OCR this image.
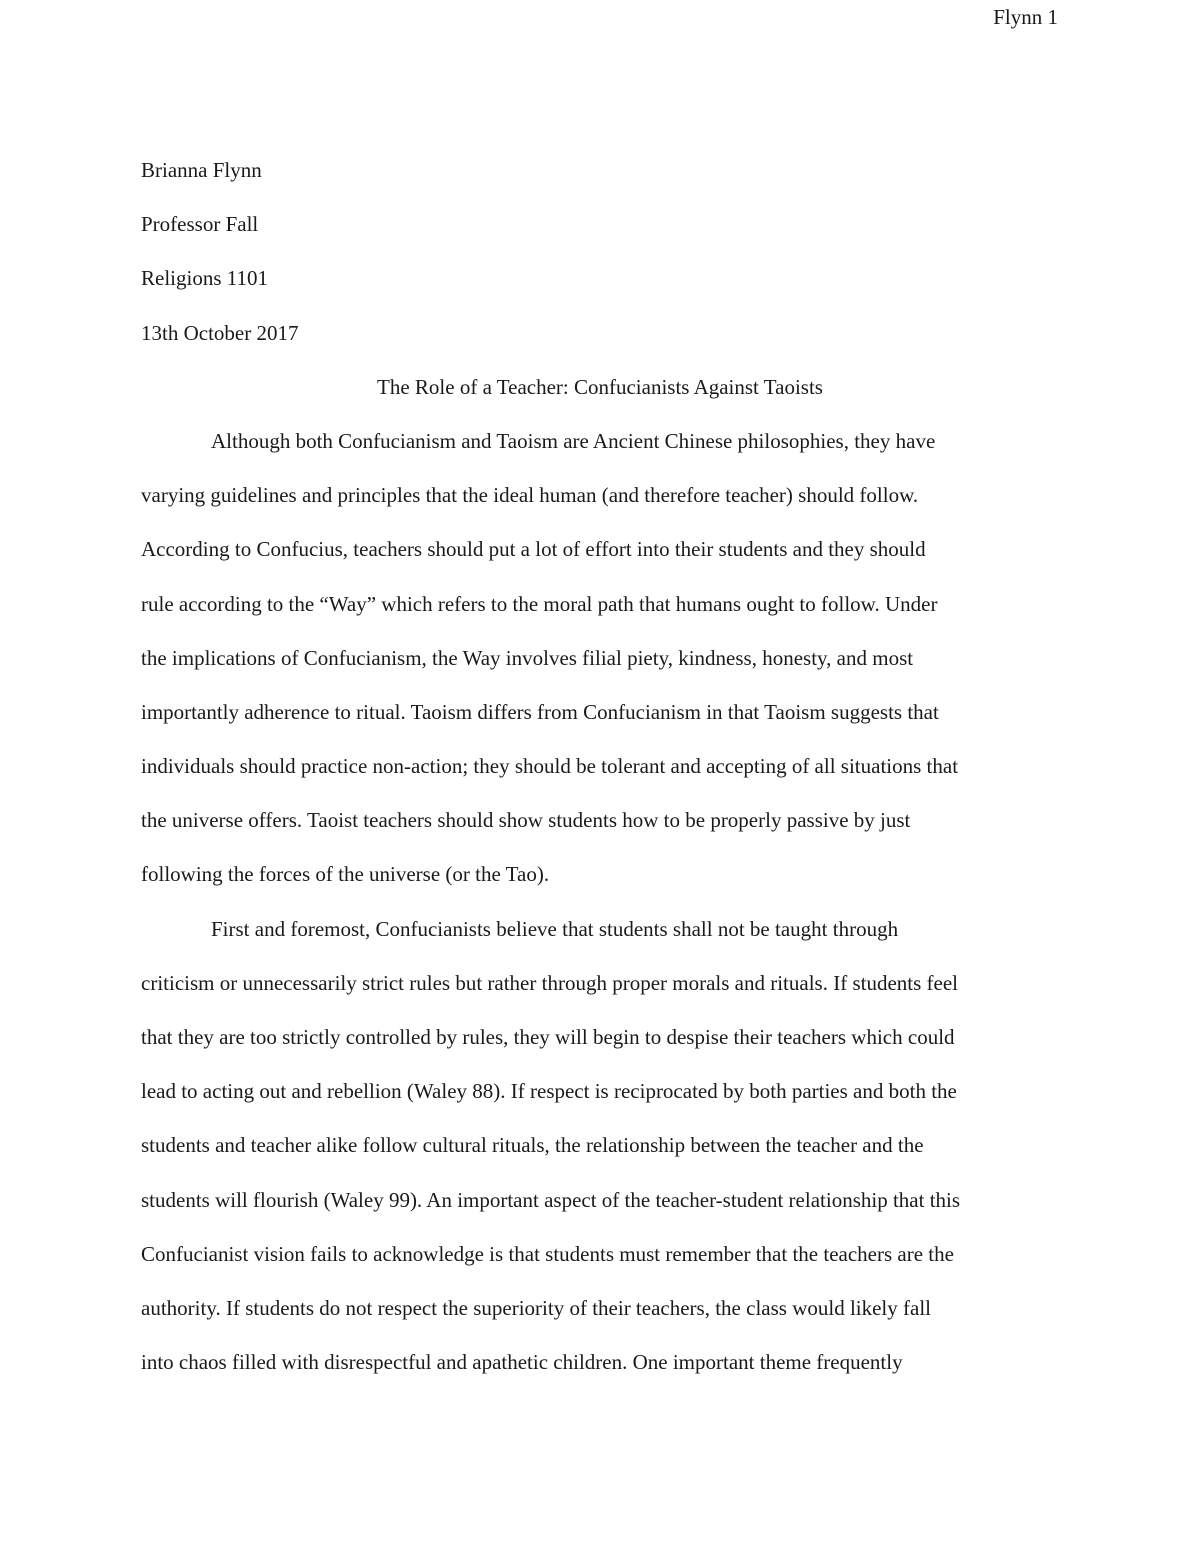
Flynn 1
Brianna Flynn
Professor Fall
Religions 1101
13th October 2017
The Role of a Teacher: Confucianists Against Taoists
Although both Confucianism and Taoism are Ancient Chinese philosophies, they have
varying guidelines and principles that the ideal human (and therefore teacher) should follow.
According to Confucius, teachers should put a lot of effort into their students and they should
rule according to the “Way” which refers to the moral path that humans ought to follow. Under
the implications of Confucianism, the Way involves filial piety, kindness, honesty, and most
importantly adherence to ritual. Taoism differs from Confucianism in that Taoism suggests that
individuals should practice non-action; they should be tolerant and accepting of all situations that
the universe offers. Taoist teachers should show students how to be properly passive by just
following the forces of the universe (or the Tao).
First and foremost, Confucianists believe that students shall not be taught through
criticism or unnecessarily strict rules but rather through proper morals and rituals. If students feel
that they are too strictly controlled by rules, they will begin to despise their teachers which could
lead to acting out and rebellion (Waley 88). If respect is reciprocated by both parties and both the
students and teacher alike follow cultural rituals, the relationship between the teacher and the
students will flourish (Waley 99). An important aspect of the teacher-student relationship that this
Confucianist vision fails to acknowledge is that students must remember that the teachers are the
authority. If students do not respect the superiority of their teachers, the class would likely fall
into chaos filled with disrespectful and apathetic children. One important theme frequently
